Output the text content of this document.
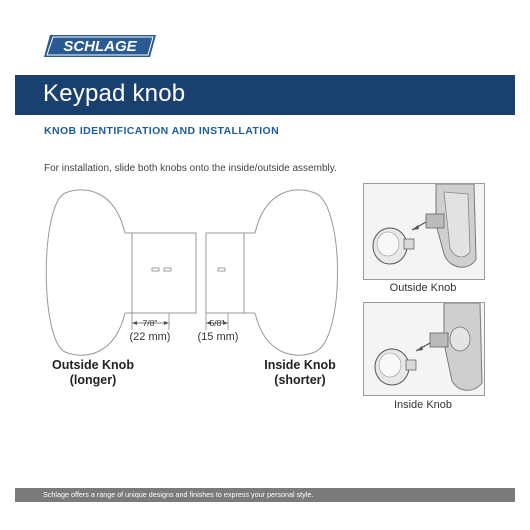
SCHLAGE
Keypad knob
KNOB IDENTIFICATION AND INSTALLATION
For installation, slide both knobs onto the inside/outside assembly.
7/8"
(22 mm)
5/8"
(15 mm)
Outside Knob
(longer)
Inside Knob
(shorter)
Outside Knob
Inside Knob
Schlage offers a range of unique designs and finishes to express your personal style.
